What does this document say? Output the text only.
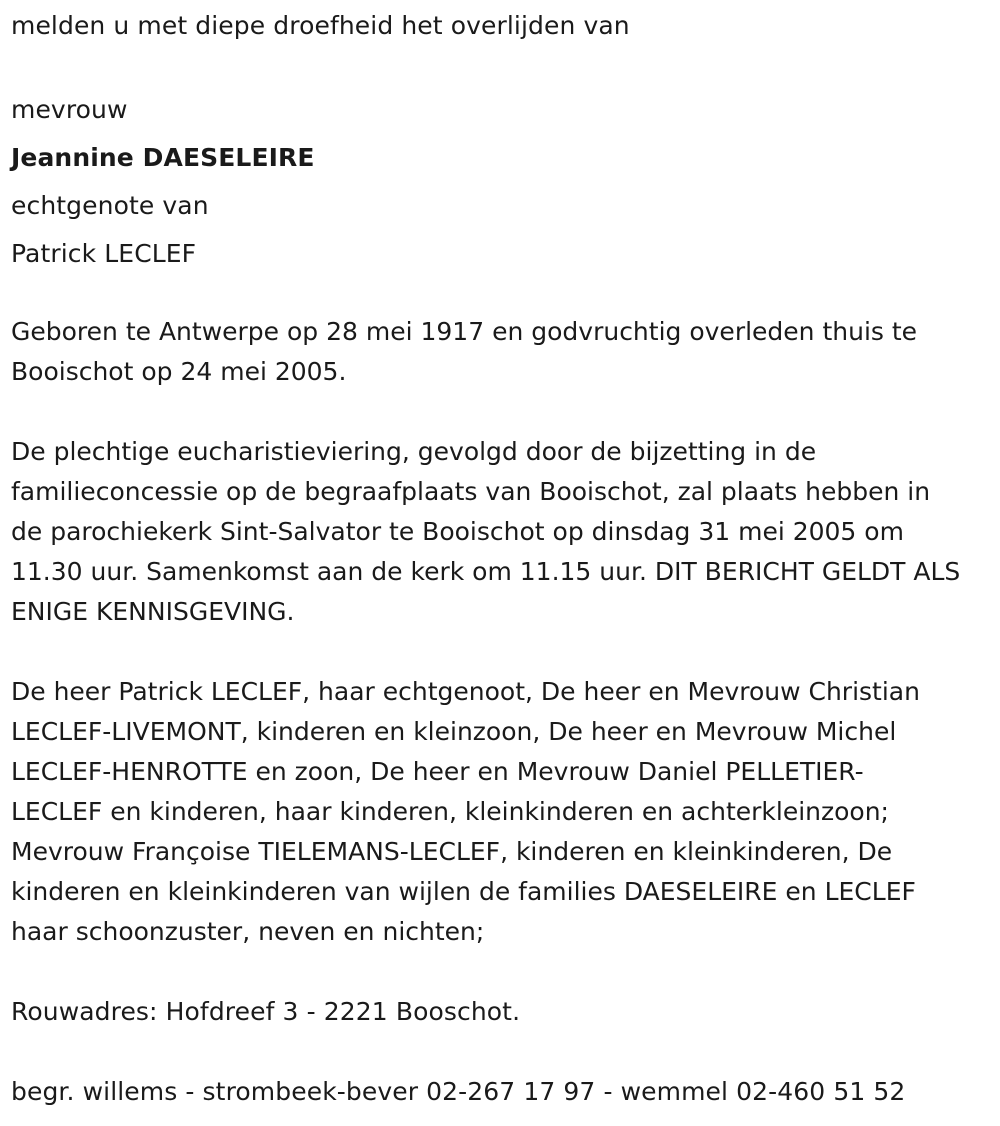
melden u met diepe droefheid het overlijden van
mevrouw
Jeannine DAESELEIRE
echtgenote van
Patrick LECLEF
Geboren te Antwerpe op 28 mei 1917 en godvruchtig overleden thuis te
Booischot op 24 mei 2005.
De plechtige eucharistieviering, gevolgd door de bijzetting in de
familieconcessie op de begraafplaats van Booischot, zal plaats hebben in
de parochiekerk Sint-Salvator te Booischot op dinsdag 31 mei 2005 om
11.30 uur. Samenkomst aan de kerk om 11.15 uur. DIT BERICHT GELDT ALS
ENIGE KENNISGEVING.
De heer Patrick LECLEF, haar echtgenoot, De heer en Mevrouw Christian
LECLEF-LIVEMONT, kinderen en kleinzoon, De heer en Mevrouw Michel
LECLEF-HENROTTE en zoon, De heer en Mevrouw Daniel PELLETIER-
LECLEF en kinderen, haar kinderen, kleinkinderen en achterkleinzoon;
Mevrouw Françoise TIELEMANS-LECLEF, kinderen en kleinkinderen, De
kinderen en kleinkinderen van wijlen de families DAESELEIRE en LECLEF
haar schoonzuster, neven en nichten;
Rouwadres: Hofdreef 3 - 2221 Booschot.
begr. willems - strombeek-bever 02-267 17 97 - wemmel 02-460 51 52
